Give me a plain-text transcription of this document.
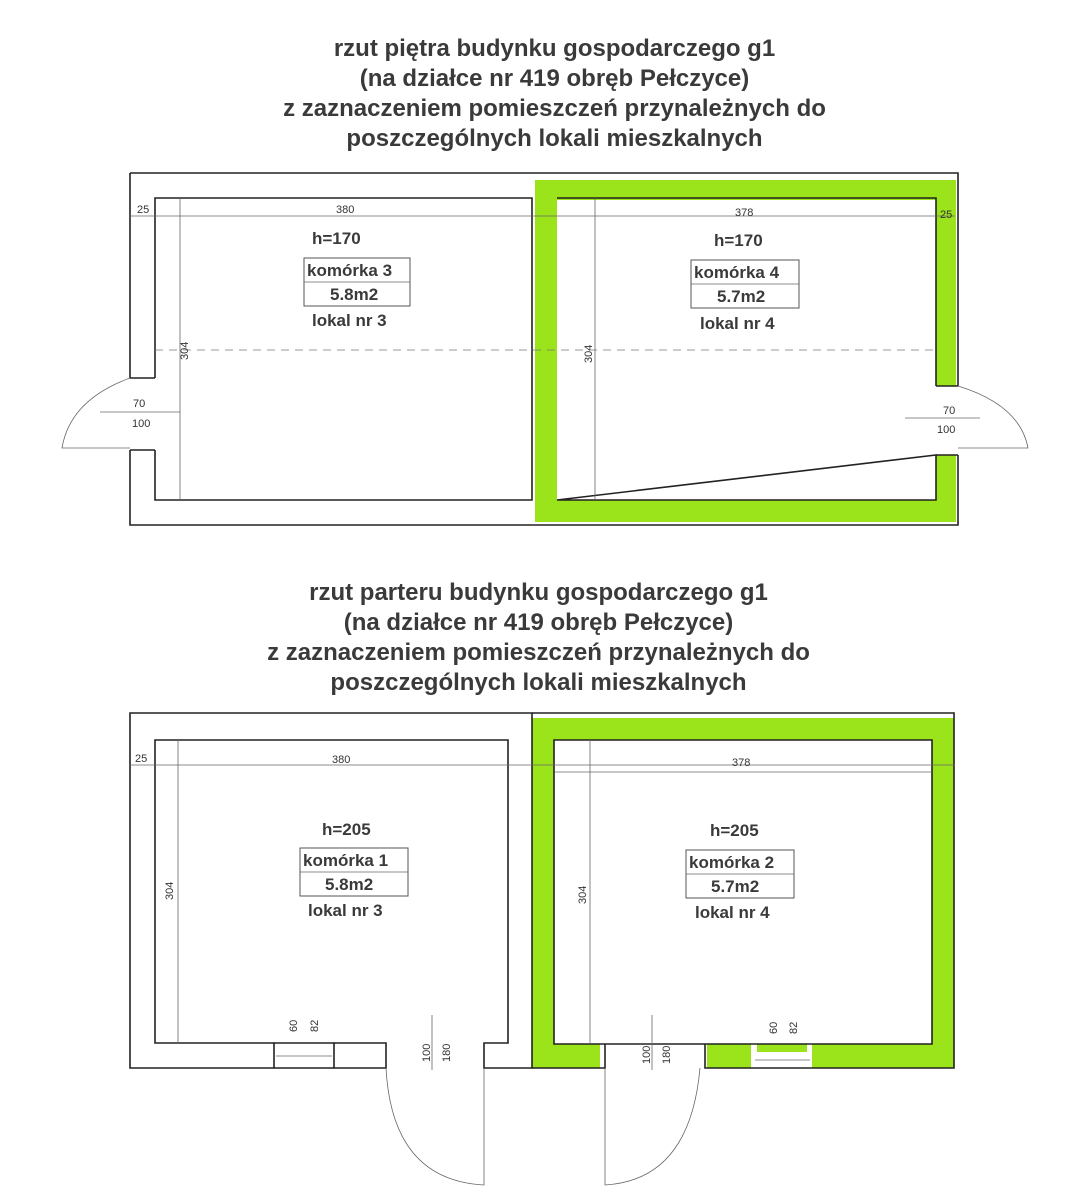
rzut piętra budynku gospodarczego g1
(na działce nr 419 obręb Pełczyce)
z zaznaczeniem pomieszczeń przynależnych do
poszczególnych lokali mieszkalnych
rzut parteru budynku gospodarczego g1
(na działce nr 419 obręb Pełczyce)
z zaznaczeniem pomieszczeń przynależnych do
poszczególnych lokali mieszkalnych
25	380	378	25
304	304
70
100
70
100
h=170
komórka 3
5.8m2
lokal nr 3
h=170
komórka 4
5.7m2
lokal nr 4
25	380	378
304	304
60 82
100 180	100 180
60 82
h=205
komórka 1
5.8m2
lokal nr 3
h=205
komórka 2
5.7m2
lokal nr 4
